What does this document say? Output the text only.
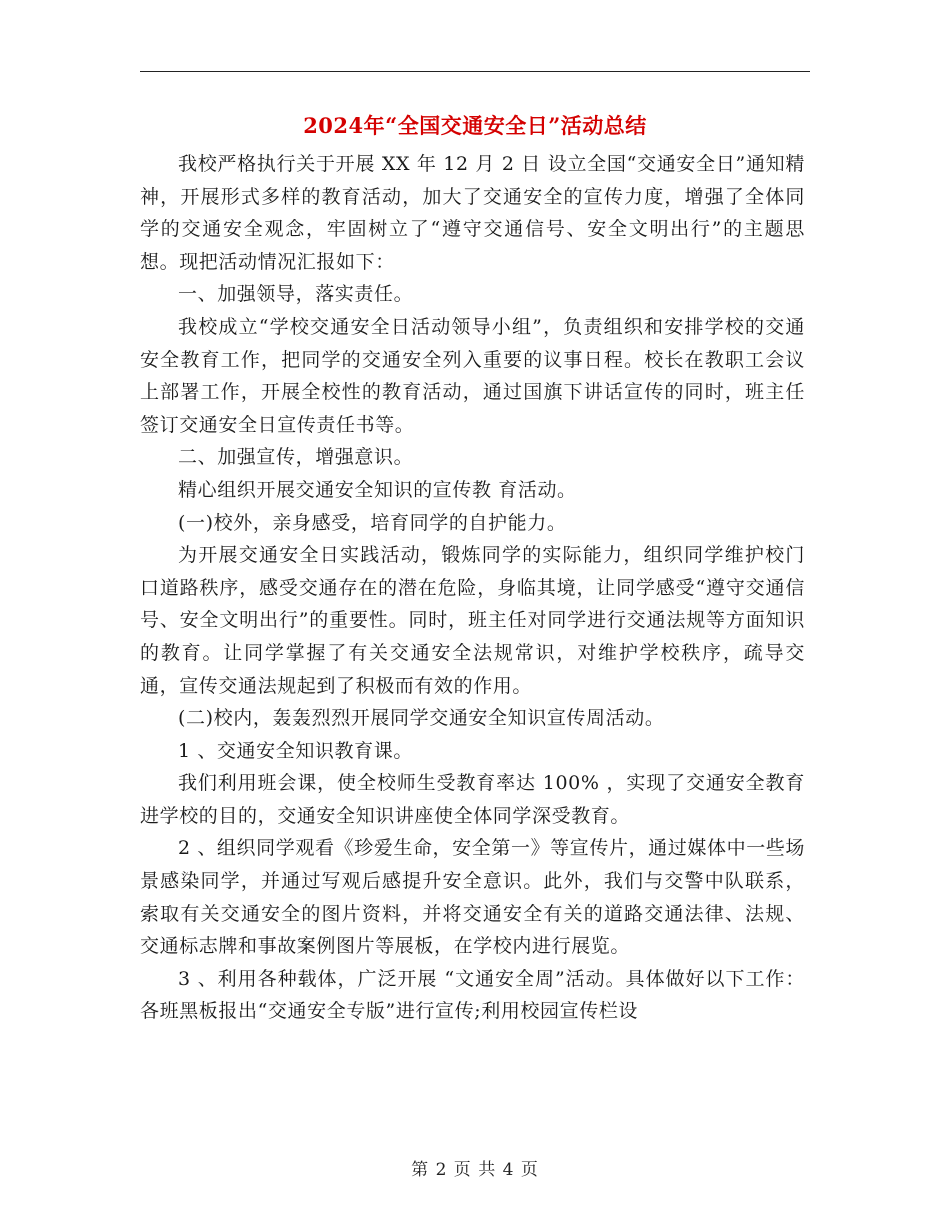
2024年“全国交通安全日”活动总结

我校严格执行关于开展 XX 年 12 月 2 日 设立全国“交通安全日”通知精神，开展形式多样的教育活动，加大了交通安全的宣传力度，增强了全体同学的交通安全观念，牢固树立了“遵守交通信号、安全文明出行”的主题思想。现把活动情况汇报如下：

一、加强领导，落实责任。

我校成立“学校交通安全日活动领导小组”，负责组织和安排学校的交通安全教育工作，把同学的交通安全列入重要的议事日程。校长在教职工会议上部署工作，开展全校性的教育活动，通过国旗下讲话宣传的同时，班主任签订交通安全日宣传责任书等。

二、加强宣传，增强意识。

精心组织开展交通安全知识的宣传教 育活动。

(一)校外，亲身感受，培育同学的自护能力。

为开展交通安全日实践活动，锻炼同学的实际能力，组织同学维护校门口道路秩序，感受交通存在的潜在危险，身临其境，让同学感受“遵守交通信号、安全文明出行”的重要性。同时，班主任对同学进行交通法规等方面知识的教育。让同学掌握了有关交通安全法规常识，对维护学校秩序，疏导交通，宣传交通法规起到了积极而有效的作用。

(二)校内，轰轰烈烈开展同学交通安全知识宣传周活动。

1 、交通安全知识教育课。

我们利用班会课，使全校师生受教育率达 100% ，实现了交通安全教育进学校的目的，交通安全知识讲座使全体同学深受教育。

2 、组织同学观看《珍爱生命，安全第一》等宣传片，通过媒体中一些场景感染同学，并通过写观后感提升安全意识。此外，我们与交警中队联系，索取有关交通安全的图片资料，并将交通安全有关的道路交通法律、法规、交通标志牌和事故案例图片等展板，在学校内进行展览。

3 、利用各种载体，广泛开展 “文通安全周”活动。具体做好以下工作：各班黑板报出“交通安全专版”进行宣传;利用校园宣传栏设

第 2 页 共 4 页
